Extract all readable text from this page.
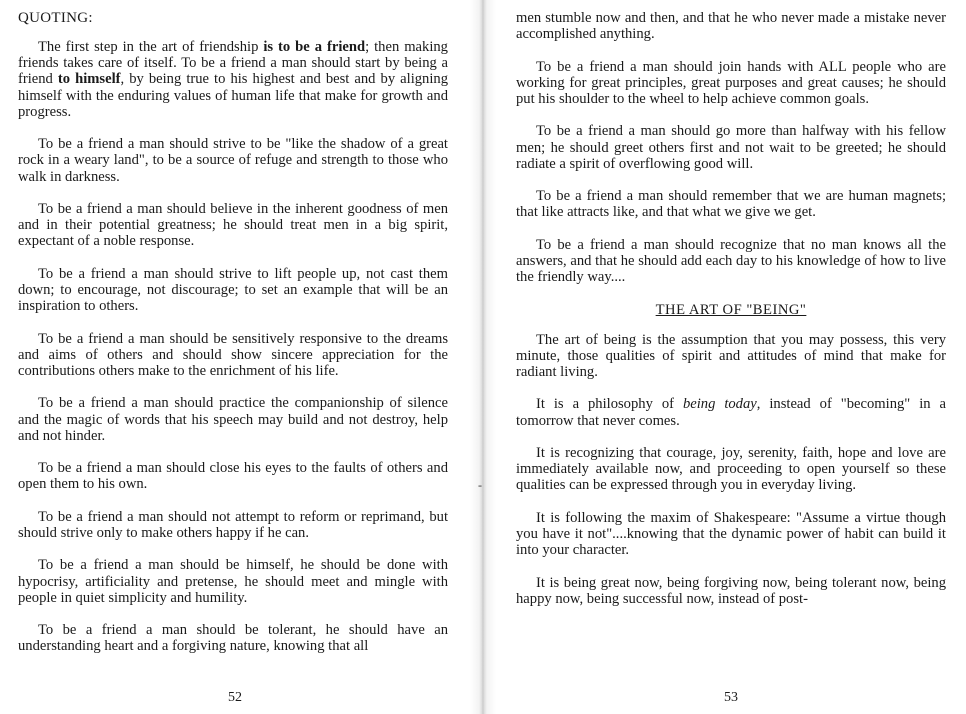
QUOTING:

The first step in the art of friendship is to be a friend; then making friends takes care of itself. To be a friend a man should start by being a friend to himself, by being true to his highest and best and by aligning himself with the enduring values of human life that make for growth and progress.

To be a friend a man should strive to be "like the shadow of a great rock in a weary land", to be a source of refuge and strength to those who walk in darkness.

To be a friend a man should believe in the inherent goodness of men and in their potential greatness; he should treat men in a big spirit, expectant of a noble response.

To be a friend a man should strive to lift people up, not cast them down; to encourage, not discourage; to set an example that will be an inspiration to others.

To be a friend a man should be sensitively responsive to the dreams and aims of others and should show sincere appreciation for the contributions others make to the enrichment of his life.

To be a friend a man should practice the companionship of silence and the magic of words that his speech may build and not destroy, help and not hinder.

To be a friend a man should close his eyes to the faults of others and open them to his own.

To be a friend a man should not attempt to reform or reprimand, but should strive only to make others happy if he can.

To be a friend a man should be himself, he should be done with hypocrisy, artificiality and pretense, he should meet and mingle with people in quiet simplicity and humility.

To be a friend a man should be tolerant, he should have an understanding heart and a forgiving nature, knowing that all

52
-

men stumble now and then, and that he who never made a mistake never accomplished anything.

To be a friend a man should join hands with ALL people who are working for great principles, great purposes and great causes; he should put his shoulder to the wheel to help achieve common goals.

To be a friend a man should go more than halfway with his fellow men; he should greet others first and not wait to be greeted; he should radiate a spirit of overflowing good will.

To be a friend a man should remember that we are human magnets; that like attracts like, and that what we give we get.

To be a friend a man should recognize that no man knows all the answers, and that he should add each day to his knowledge of how to live the friendly way....

THE ART OF "BEING"

The art of being is the assumption that you may possess, this very minute, those qualities of spirit and attitudes of mind that make for radiant living.

It is a philosophy of being today, instead of "becoming" in a tomorrow that never comes.

It is recognizing that courage, joy, serenity, faith, hope and love are immediately available now, and proceeding to open yourself so these qualities can be expressed through you in everyday living.

It is following the maxim of Shakespeare: "Assume a virtue though you have it not"....knowing that the dynamic power of habit can build it into your character.

It is being great now, being forgiving now, being tolerant now, being happy now, being successful now, instead of post-

53
